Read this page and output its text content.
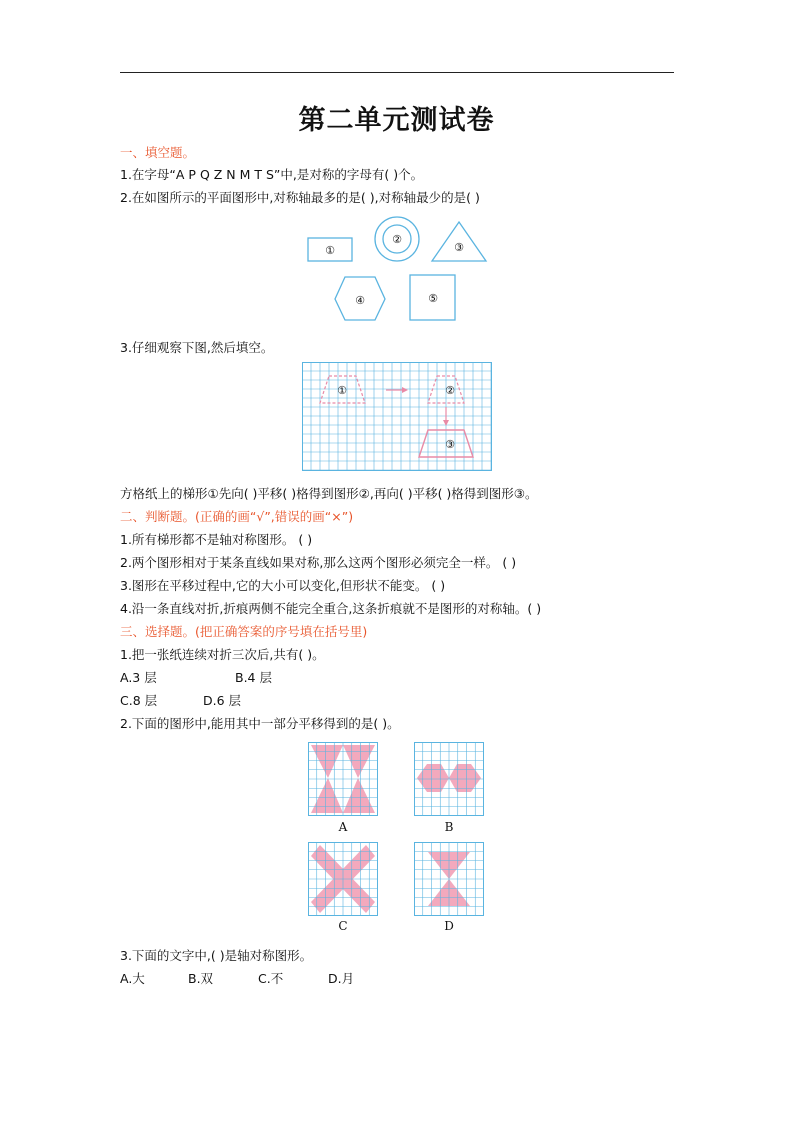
第二单元测试卷
一、填空题。
1.在字母“A P Q Z N M T S”中,是对称的字母有( )个。
2.在如图所示的平面图形中,对称轴最多的是( ),对称轴最少的是( )
①
②
③
④	⑤
3.仔细观察下图,然后填空。
①	②
③
方格纸上的梯形①先向( )平移( )格得到图形②,再向( )平移( )格得到图形③。
二、判断题。(正确的画“√”,错误的画“×”)
1.所有梯形都不是轴对称图形。 ( )
2.两个图形相对于某条直线如果对称,那么这两个图形必须完全一样。 ( )
3.图形在平移过程中,它的大小可以变化,但形状不能变。 ( )
4.沿一条直线对折,折痕两侧不能完全重合,这条折痕就不是图形的对称轴。( )
三、选择题。(把正确答案的序号填在括号里)
1.把一张纸连续对折三次后,共有( )。
A.3 层	B.4 层
C.8 层	D.6 层
2.下面的图形中,能用其中一部分平移得到的是( )。
A	B
C	D
3.下面的文字中,( )是轴对称图形。
A.大	B.双	C.不	D.月
